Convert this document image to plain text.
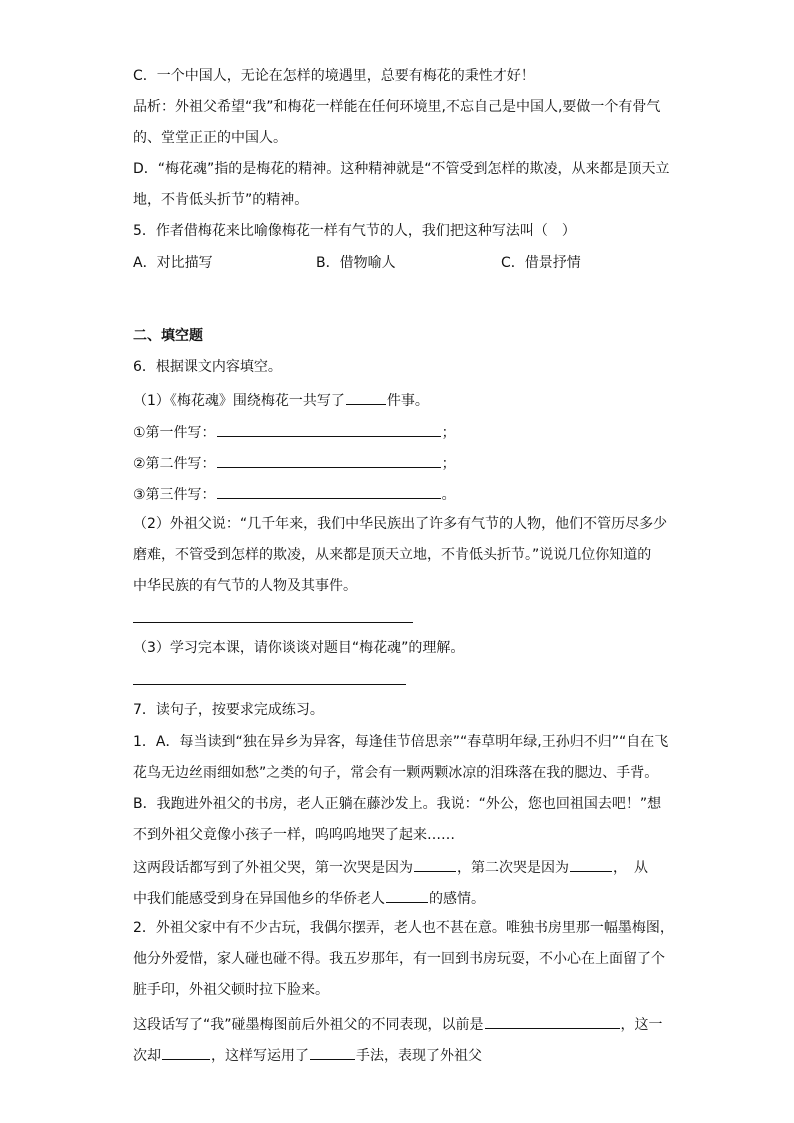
C．一个中国人，无论在怎样的境遇里，总要有梅花的秉性才好！
品析：外祖父希望“我”和梅花一样能在任何环境里,不忘自己是中国人,要做一个有骨气
的、堂堂正正的中国人。
D．“梅花魂”指的是梅花的精神。这种精神就是“不管受到怎样的欺凌，从来都是顶天立
地，不肯低头折节”的精神。
5．作者借梅花来比喻像梅花一样有气节的人，我们把这种写法叫（　）
A．对比描写	B．借物喻人	C．借景抒情
二、填空题
6．根据课文内容填空。
（1）《梅花魂》围绕梅花一共写了	件事。
①第一件写：	；
②第二件写：	；
③第三件写：	。
（2）外祖父说：“几千年来，我们中华民族出了许多有气节的人物，他们不管历尽多少
磨难，不管受到怎样的欺凌，从来都是顶天立地，不肯低头折节。”说说几位你知道的
中华民族的有气节的人物及其事件。
（3）学习完本课，请你谈谈对题目“梅花魂”的理解。
7．读句子，按要求完成练习。
1．A．每当读到“独在异乡为异客，每逢佳节倍思亲”“春草明年绿,王孙归不归”“自在飞
花鸟无边丝雨细如愁”之类的句子，常会有一颗两颗冰凉的泪珠落在我的腮边、手背。
B．我跑进外祖父的书房，老人正躺在藤沙发上。我说：“外公，您也回祖国去吧！”想
不到外祖父竟像小孩子一样，呜呜呜地哭了起来……
这两段话都写到了外祖父哭，第一次哭是因为	，第二次哭是因为	，　从
中我们能感受到身在异国他乡的华侨老人	的感情。
2．外祖父家中有不少古玩，我偶尔摆弄，老人也不甚在意。唯独书房里那一幅墨梅图，
他分外爱惜，家人碰也碰不得。我五岁那年，有一回到书房玩耍，不小心在上面留了个
脏手印，外祖父顿时拉下脸来。
这段话写了“我”碰墨梅图前后外祖父的不同表现，以前是	，这一
次却	，这样写运用了	手法，表现了外祖父
